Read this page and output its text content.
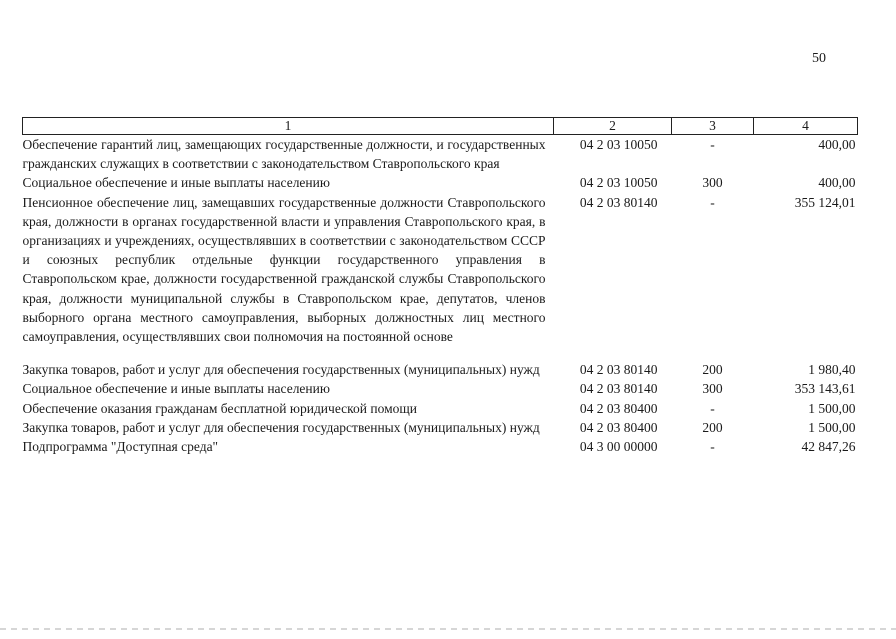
50
1	2	3	4
Обеспечение гарантий лиц, замещающих государственные должности, и государственных гражданских служащих в соответствии с законодательством Ставропольского края	04 2 03 10050	-	400,00
Социальное обеспечение и иные выплаты населению	04 2 03 10050	300	400,00
Пенсионное обеспечение лиц, замещавших государственные должности Ставропольского края, должности в органах государственной власти и управления Ставропольского края, в организациях и учреждениях, осуществлявших в соответствии с законодательством СССР и союзных республик отдельные функции государственного управления в Ставропольском крае, должности государственной гражданской службы Ставропольского края, должности муниципальной службы в Ставропольском крае, депутатов, членов выборного органа местного самоуправления, выборных должностных лиц местного самоуправления, осуществлявших свои полномочия на постоянной основе	04 2 03 80140	-	355 124,01
Закупка товаров, работ и услуг для обеспечения государственных (муниципальных) нужд	04 2 03 80140	200	1 980,40
Социальное обеспечение и иные выплаты населению	04 2 03 80140	300	353 143,61
Обеспечение оказания гражданам бесплатной юридической помощи	04 2 03 80400	-	1 500,00
Закупка товаров, работ и услуг для обеспечения государственных (муниципальных) нужд	04 2 03 80400	200	1 500,00
Подпрограмма "Доступная среда"	04 3 00 00000	-	42 847,26
